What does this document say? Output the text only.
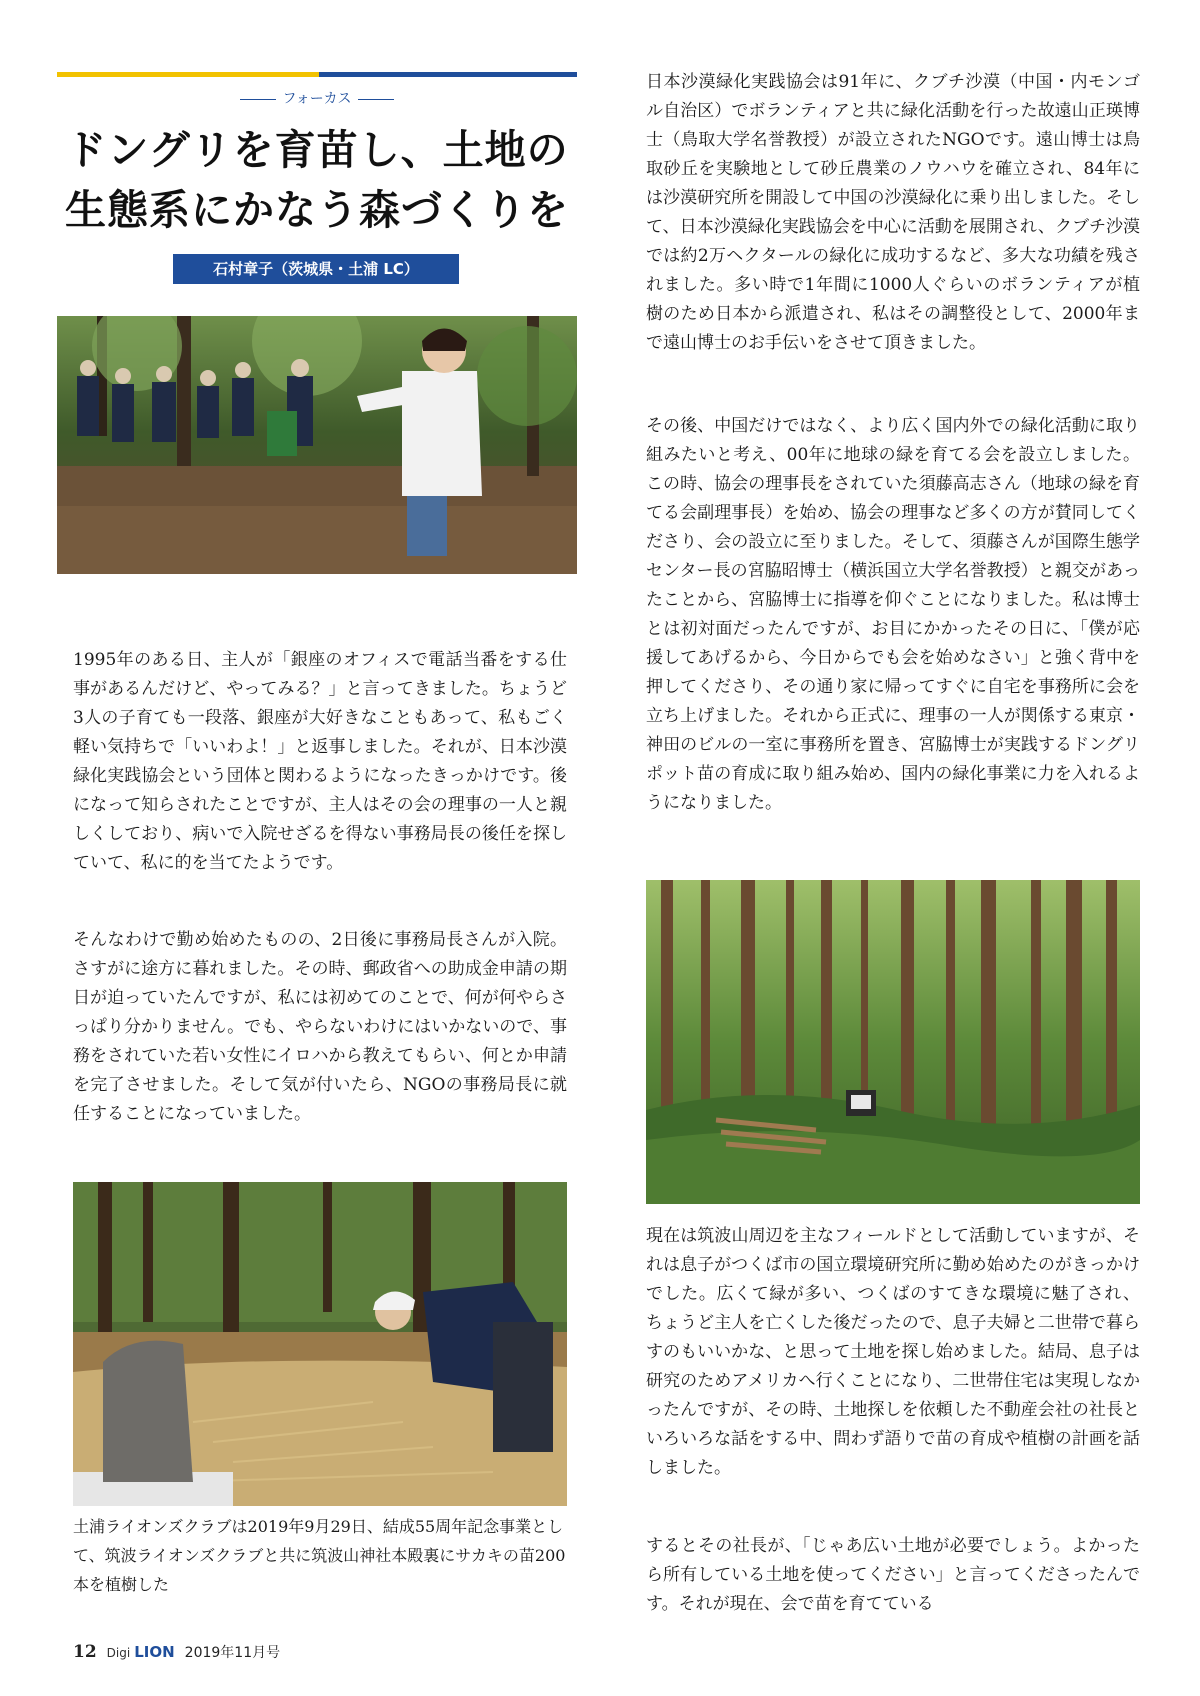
フォーカス
ドングリを育苗し、土地の
生態系にかなう森づくりを
石村章子（茨城県・土浦 LC）

1995年のある日、主人が「銀座のオフィスで電話当番をする仕事があるんだけど、やってみる？」と言ってきました。ちょうど3人の子育ても一段落、銀座が大好きなこともあって、私もごく軽い気持ちで「いいわよ！」と返事しました。それが、日本沙漠緑化実践協会という団体と関わるようになったきっかけです。後になって知らされたことですが、主人はその会の理事の一人と親しくしており、病いで入院せざるを得ない事務局長の後任を探していて、私に的を当てたようです。

そんなわけで勤め始めたものの、2日後に事務局長さんが入院。さすがに途方に暮れました。その時、郵政省への助成金申請の期日が迫っていたんですが、私には初めてのことで、何が何やらさっぱり分かりません。でも、やらないわけにはいかないので、事務をされていた若い女性にイロハから教えてもらい、何とか申請を完了させました。そして気が付いたら、NGOの事務局長に就任することになっていました。

土浦ライオンズクラブは2019年9月29日、結成55周年記念事業として、筑波ライオンズクラブと共に筑波山神社本殿裏にサカキの苗200本を植樹した

日本沙漠緑化実践協会は91年に、クブチ沙漠（中国・内モンゴル自治区）でボランティアと共に緑化活動を行った故遠山正瑛博士（鳥取大学名誉教授）が設立されたNGOです。遠山博士は鳥取砂丘を実験地として砂丘農業のノウハウを確立され、84年には沙漠研究所を開設して中国の沙漠緑化に乗り出しました。そして、日本沙漠緑化実践協会を中心に活動を展開され、クブチ沙漠では約2万ヘクタールの緑化に成功するなど、多大な功績を残されました。多い時で1年間に1000人ぐらいのボランティアが植樹のため日本から派遣され、私はその調整役として、2000年まで遠山博士のお手伝いをさせて頂きました。

その後、中国だけではなく、より広く国内外での緑化活動に取り組みたいと考え、00年に地球の緑を育てる会を設立しました。この時、協会の理事長をされていた須藤高志さん（地球の緑を育てる会副理事長）を始め、協会の理事など多くの方が賛同してくださり、会の設立に至りました。そして、須藤さんが国際生態学センター長の宮脇昭博士（横浜国立大学名誉教授）と親交があったことから、宮脇博士に指導を仰ぐことになりました。私は博士とは初対面だったんですが、お目にかかったその日に、「僕が応援してあげるから、今日からでも会を始めなさい」と強く背中を押してくださり、その通り家に帰ってすぐに自宅を事務所に会を立ち上げました。それから正式に、理事の一人が関係する東京・神田のビルの一室に事務所を置き、宮脇博士が実践するドングリポット苗の育成に取り組み始め、国内の緑化事業に力を入れるようになりました。

現在は筑波山周辺を主なフィールドとして活動していますが、それは息子がつくば市の国立環境研究所に勤め始めたのがきっかけでした。広くて緑が多い、つくばのすてきな環境に魅了され、ちょうど主人を亡くした後だったので、息子夫婦と二世帯で暮らすのもいいかな、と思って土地を探し始めました。結局、息子は研究のためアメリカへ行くことになり、二世帯住宅は実現しなかったんですが、その時、土地探しを依頼した不動産会社の社長といろいろな話をする中、問わず語りで苗の育成や植樹の計画を話しました。

するとその社長が、「じゃあ広い土地が必要でしょう。よかったら所有している土地を使ってください」と言ってくださったんです。それが現在、会で苗を育てている

12 Digi LION 2019年11月号
